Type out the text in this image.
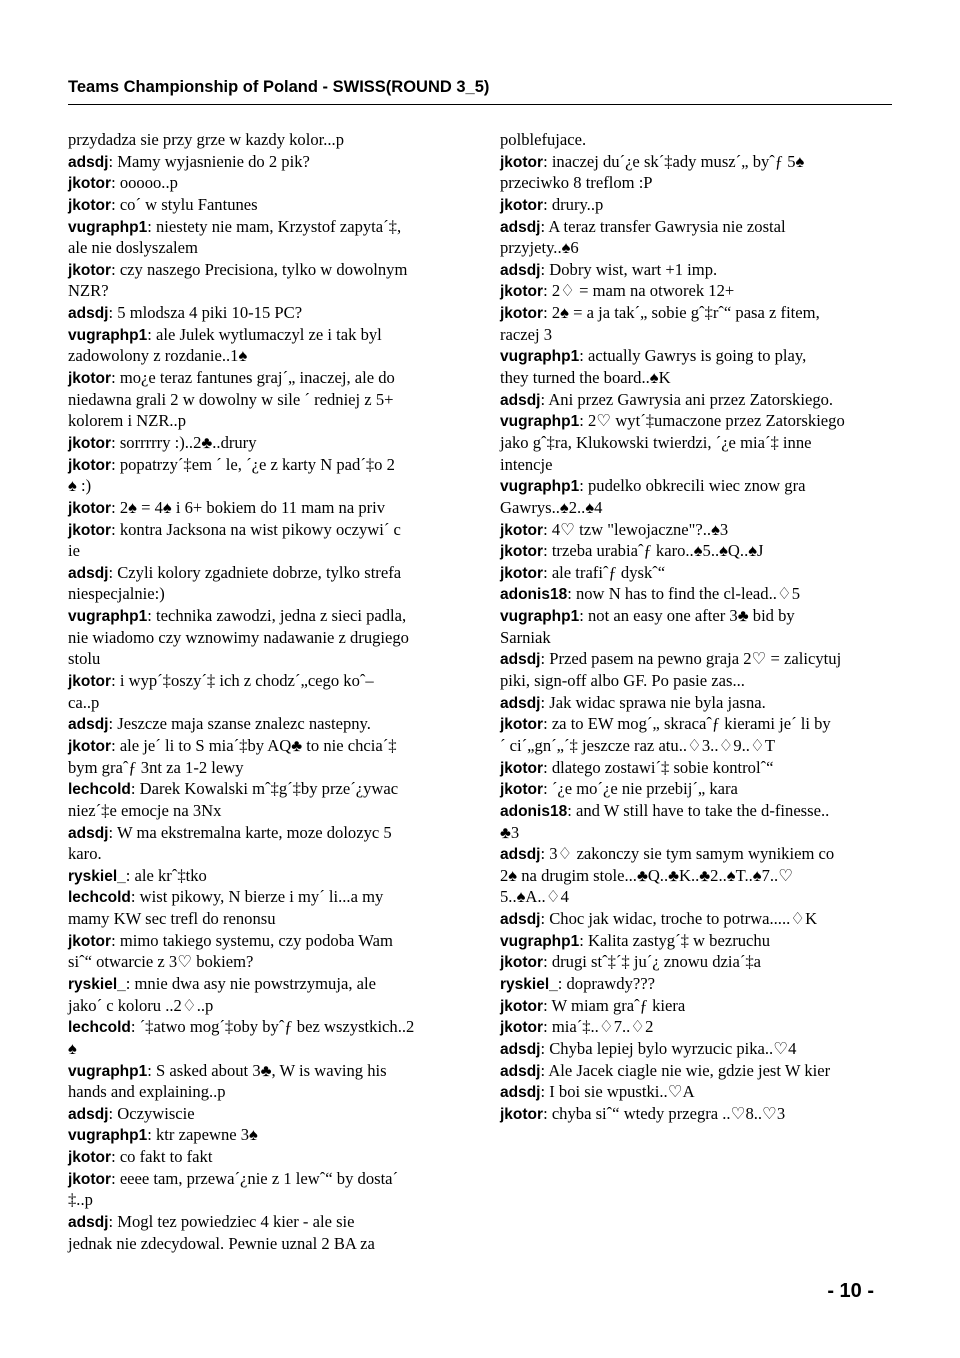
Teams Championship of Poland - SWISS(ROUND 3_5)
przydadza sie przy grze w kazdy kolor...p
adsdj: Mamy wyjasnienie do 2 pik?
jkotor: ooooo..p
jkotor: co´ w stylu Fantunes
vugraphp1: niestety nie mam, Krzystof zapyta´‡,
ale nie doslyszalem
jkotor: czy naszego Precisiona, tylko w dowolnym
NZR?
adsdj: 5 mlodsza 4 piki 10-15 PC?
vugraphp1: ale Julek wytlumaczyl ze i tak byl
zadowolony z rozdanie..1♠
jkotor: mo¿e teraz fantunes graj´„ inaczej, ale do
niedawna grali 2 w dowolny w sile ´ redniej z 5+
kolorem i NZR..p
jkotor: sorrrrry :)..2♣..drury
jkotor: popatrzy´‡em ´ le, ´¿e z karty N pad´‡o 2
♠ :)
jkotor: 2♠ = 4♠ i 6+ bokiem do 11 mam na priv
jkotor: kontra Jacksona na wist pikowy oczywi´ c
ie
adsdj: Czyli kolory zgadniete dobrze, tylko strefa
niespecjalnie:)
vugraphp1: technika zawodzi, jedna z sieci padla,
nie wiadomo czy wznowimy nadawanie z drugiego
stolu
jkotor: i wyp´‡oszy´‡ ich z chodz´„cego koˆ–
ca..p
adsdj: Jeszcze maja szanse znalezc nastepny.
jkotor: ale je´ li to S mia´‡by AQ♣ to nie chcia´‡
bym graˆƒ 3nt za 1-2 lewy
lechcold: Darek Kowalski mˆ‡g´‡by prze´¿ywac
niez´‡e emocje na 3Nx
adsdj: W ma ekstremalna karte, moze dolozyc 5
karo.
ryskiel_: ale krˆ‡tko
lechcold: wist pikowy, N bierze i my´ li...a my
mamy KW sec trefl do renonsu
jkotor: mimo takiego systemu, czy podoba Wam
siˆ“ otwarcie z 3♡ bokiem?
ryskiel_: mnie dwa asy nie powstrzymuja, ale
jako´ c koloru ..2♢..p
lechcold: ´‡atwo mog´‡oby byˆƒ bez wszystkich..2
♠
vugraphp1: S asked about 3♣, W is waving his
hands and explaining..p
adsdj: Oczywiscie
vugraphp1: ktr zapewne 3♠
jkotor: co fakt to fakt
jkotor: eeee tam, przewa´¿nie z 1 lewˆ“ by dosta´
‡..p
adsdj: Mogl tez powiedziec 4 kier - ale sie
jednak nie zdecydowal. Pewnie uznal 2 BA za
polblefujace.
jkotor: inaczej du´¿e sk´‡ady musz´„ byˆƒ 5♠
przeciwko 8 treflom :P
jkotor: drury..p
adsdj: A teraz transfer Gawrysia nie zostal
przyjety..♠6
adsdj: Dobry wist, wart +1 imp.
jkotor: 2♢ = mam na otworek 12+
jkotor: 2♠ = a ja tak´„ sobie gˆ‡rˆ“ pasa z fitem,
raczej 3
vugraphp1: actually Gawrys is going to play,
they turned the board..♠K
adsdj: Ani przez Gawrysia ani przez Zatorskiego.
vugraphp1: 2♡ wyt´‡umaczone przez Zatorskiego
jako gˆ‡ra, Klukowski twierdzi, ´¿e mia´‡ inne
intencje
vugraphp1: pudelko obkrecili wiec znow gra
Gawrys..♠2..♠4
jkotor: 4♡ tzw "lewojaczne"?..♠3
jkotor: trzeba urabiaˆƒ karo..♠5..♠Q..♠J
jkotor: ale trafiˆƒ dyskˆ“
adonis18: now N has to find the cl-lead..♢5
vugraphp1: not an easy one after 3♣ bid by
Sarniak
adsdj: Przed pasem na pewno graja 2♡ = zalicytuj
piki, sign-off albo GF. Po pasie zas...
adsdj: Jak widac sprawa nie byla jasna.
jkotor: za to EW mog´„ skracaˆƒ kierami je´ li by
´ ci´„gn´„´‡ jeszcze raz atu..♢3..♢9..♢T
jkotor: dlatego zostawi´‡ sobie kontrolˆ“
jkotor: ´¿e mo´¿e nie przebij´„ kara
adonis18: and W still have to take the d-finesse..
♣3
adsdj: 3♢ zakonczy sie tym samym wynikiem co
2♠ na drugim stole...♣Q..♣K..♣2..♠T..♠7..♡
5..♠A..♢4
adsdj: Choc jak widac, troche to potrwa.....♢K
vugraphp1: Kalita zastyg´‡ w bezruchu
jkotor: drugi stˆ‡´‡ ju´¿ znowu dzia´‡a
ryskiel_: doprawdy???
jkotor: W miam graˆƒ kiera
jkotor: mia´‡..♢7..♢2
adsdj: Chyba lepiej bylo wyrzucic pika..♡4
adsdj: Ale Jacek ciagle nie wie, gdzie jest W kier
adsdj: I boi sie wpustki..♡A
jkotor: chyba siˆ“ wtedy przegra ..♡8..♡3
- 10 -
